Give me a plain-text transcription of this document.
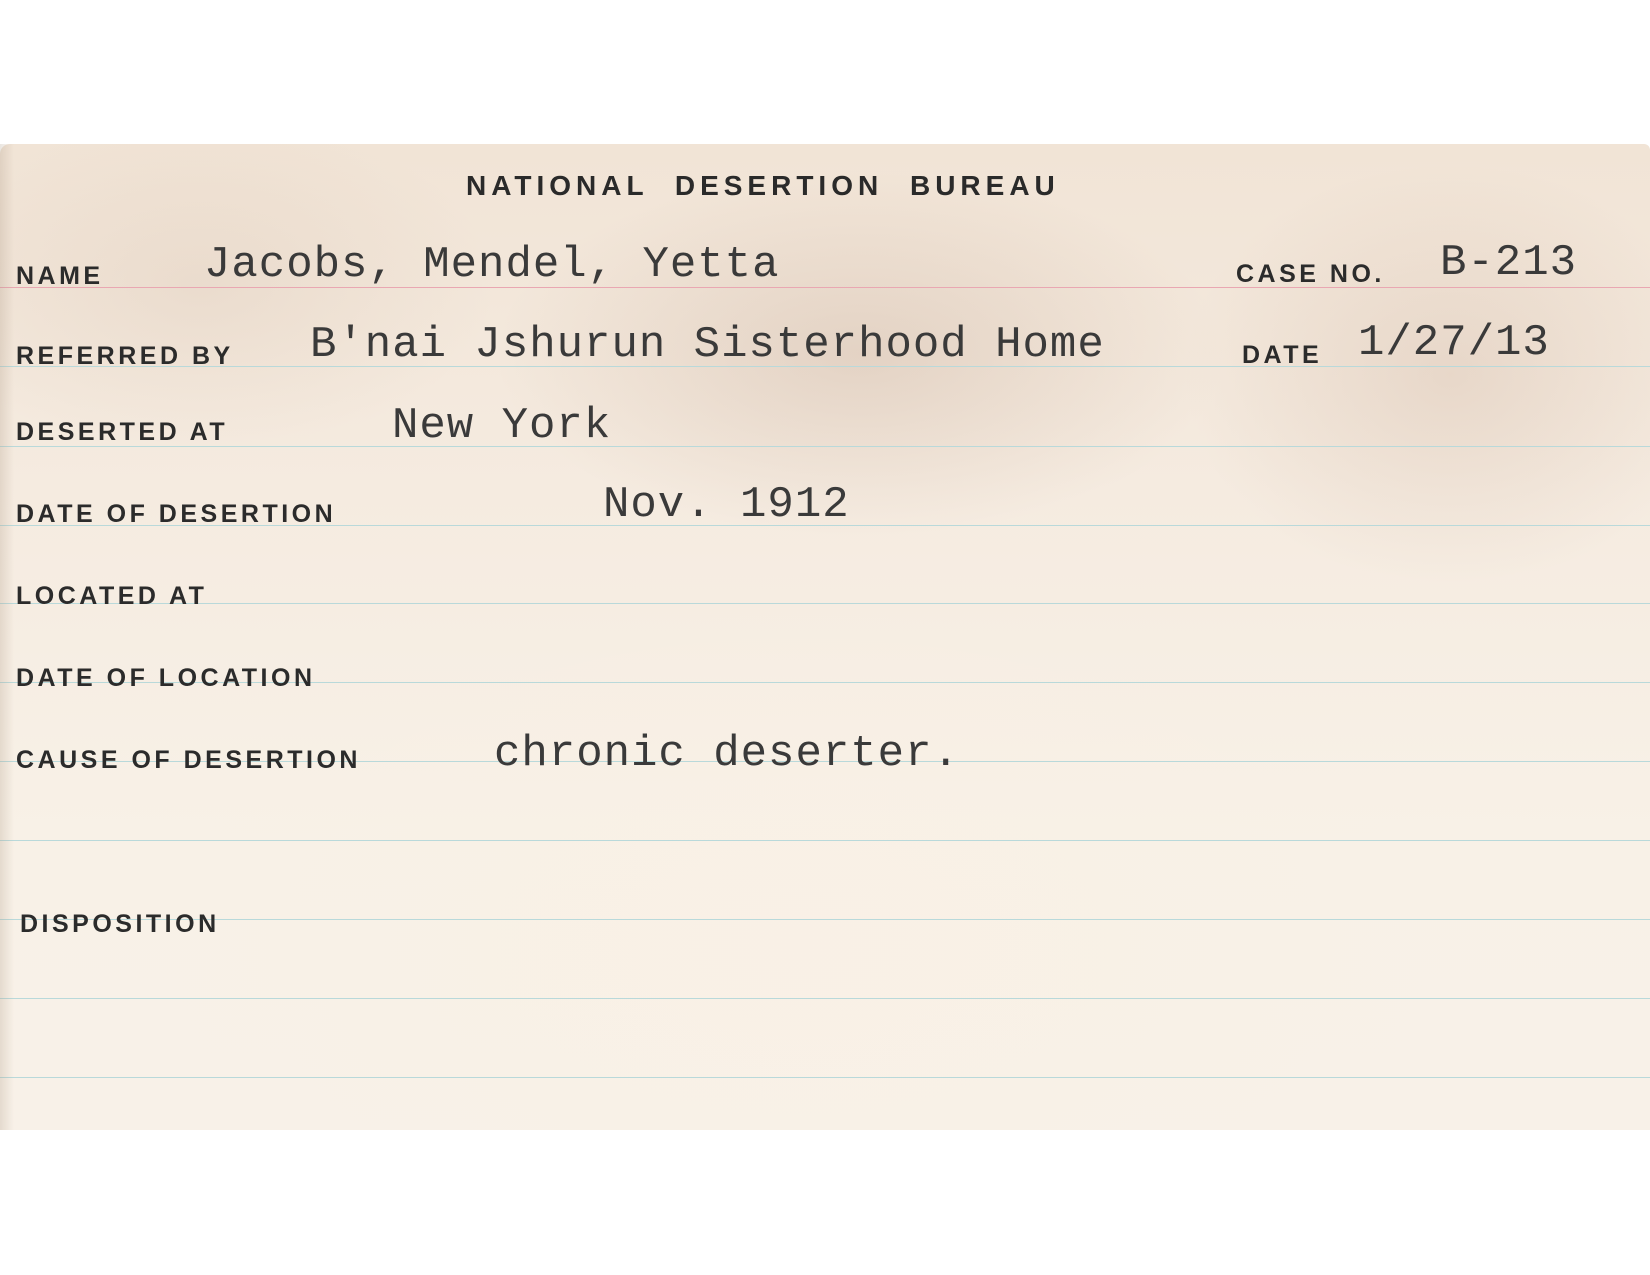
NATIONAL DESERTION BUREAU
NAME Jacobs, Mendel, Yetta	CASE NO. B-213
REFERRED BY B'nai Jshurun Sisterhood Home	DATE 1/27/13
DESERTED AT	New York
DATE OF DESERTION	Nov. 1912
LOCATED AT
DATE OF LOCATION
CAUSE OF DESERTION	chronic deserter.
DISPOSITION
